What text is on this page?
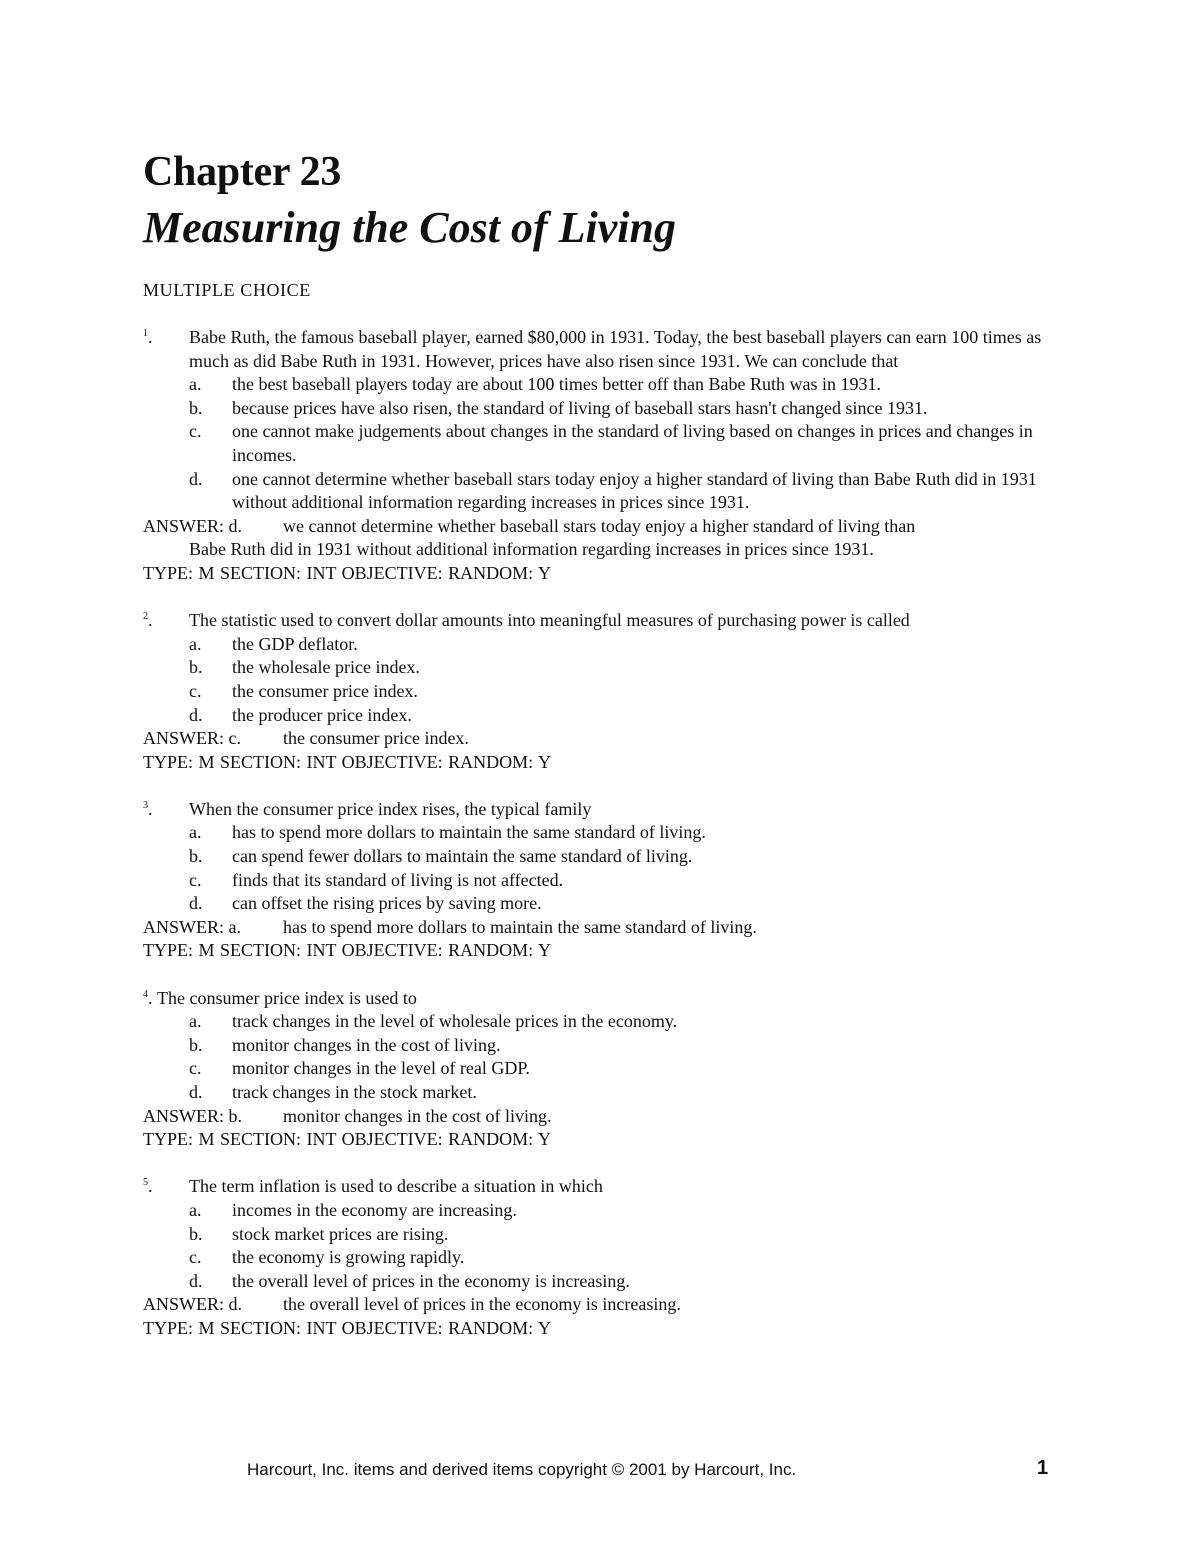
Chapter 23
Measuring the Cost of Living
MULTIPLE CHOICE
$^1$.	Babe Ruth, the famous baseball player, earned $80,000 in 1931. Today, the best baseball players can earn 100 times as much as did Babe Ruth in 1931. However, prices have also risen since 1931. We can conclude that
a.	the best baseball players today are about 100 times better off than Babe Ruth was in 1931.
b.	because prices have also risen, the standard of living of baseball stars hasn't changed since 1931.
c.	one cannot make judgements about changes in the standard of living based on changes in prices and changes in incomes.
d.	one cannot determine whether baseball stars today enjoy a higher standard of living than Babe Ruth did in 1931 without additional information regarding increases in prices since 1931.
ANSWER: d. we cannot determine whether baseball stars today enjoy a higher standard of living than
Babe Ruth did in 1931 without additional information regarding increases in prices since 1931.
TYPE: M SECTION: INT OBJECTIVE: RANDOM: Y
$^2$.	The statistic used to convert dollar amounts into meaningful measures of purchasing power is called
a.	the GDP deflator.
b.	the wholesale price index.
c.	the consumer price index.
d.	the producer price index.
ANSWER: c. the consumer price index.
TYPE: M SECTION: INT OBJECTIVE: RANDOM: Y
$^3$.	When the consumer price index rises, the typical family
a.	has to spend more dollars to maintain the same standard of living.
b.	can spend fewer dollars to maintain the same standard of living.
c.	finds that its standard of living is not affected.
d.	can offset the rising prices by saving more.
ANSWER: a. has to spend more dollars to maintain the same standard of living.
TYPE: M SECTION: INT OBJECTIVE: RANDOM: Y
$^4$. The consumer price index is used to
a.	track changes in the level of wholesale prices in the economy.
b.	monitor changes in the cost of living.
c.	monitor changes in the level of real GDP.
d.	track changes in the stock market.
ANSWER: b. monitor changes in the cost of living.
TYPE: M SECTION: INT OBJECTIVE: RANDOM: Y
$^5$.	The term inflation is used to describe a situation in which
a.	incomes in the economy are increasing.
b.	stock market prices are rising.
c.	the economy is growing rapidly.
d.	the overall level of prices in the economy is increasing.
ANSWER: d. the overall level of prices in the economy is increasing.
TYPE: M SECTION: INT OBJECTIVE: RANDOM: Y
Harcourt, Inc. items and derived items copyright © 2001 by Harcourt, Inc.	1
